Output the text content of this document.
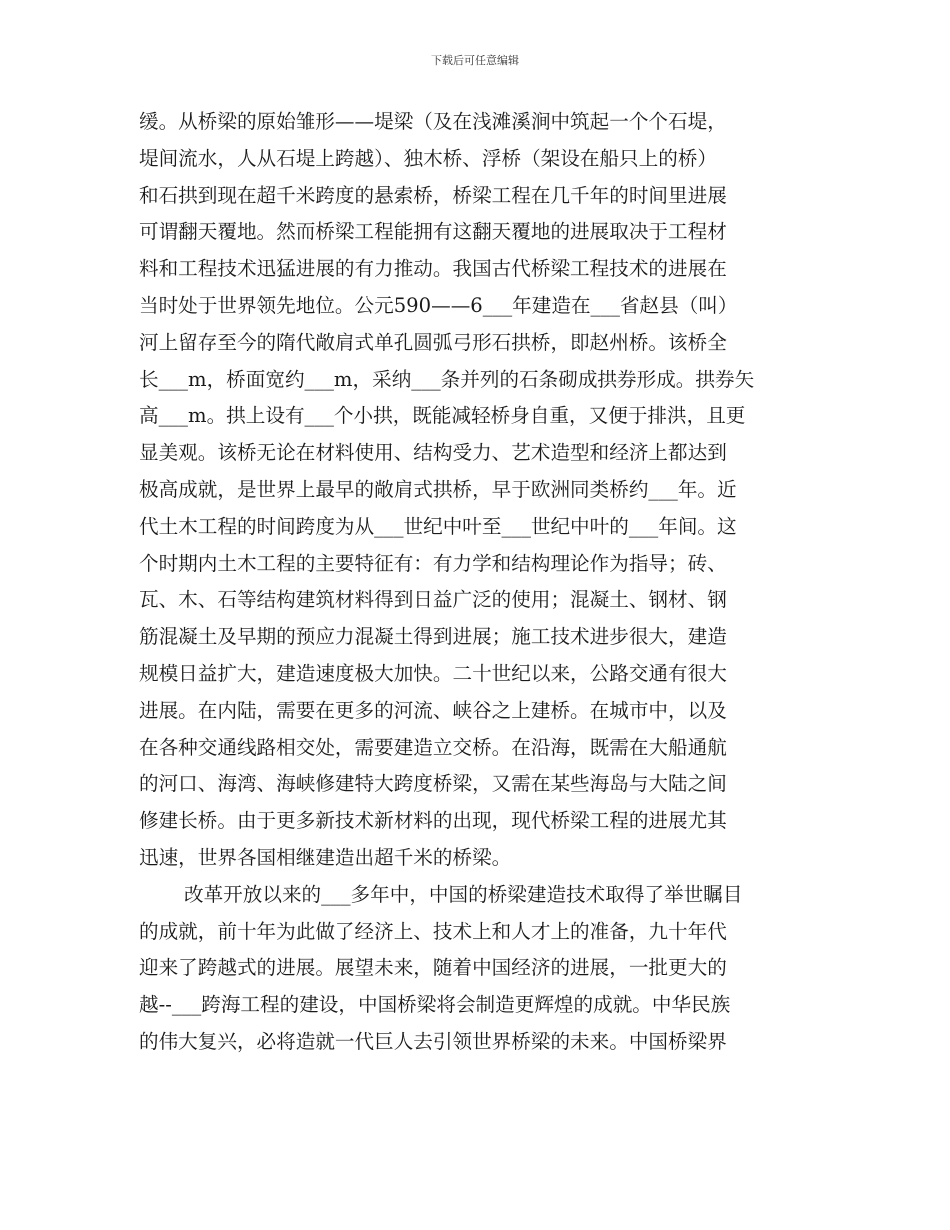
下载后可任意编辑
缓。从桥梁的原始雏形——堤梁（及在浅滩溪涧中筑起一个个石堤，
堤间流水，人从石堤上跨越）、独木桥、浮桥（架设在船只上的桥）
和石拱到现在超千米跨度的悬索桥，桥梁工程在几千年的时间里进展
可谓翻天覆地。然而桥梁工程能拥有这翻天覆地的进展取决于工程材
料和工程技术迅猛进展的有力推动。我国古代桥梁工程技术的进展在
当时处于世界领先地位。公元590——6___年建造在___省赵县（叫）
河上留存至今的隋代敞肩式单孔圆弧弓形石拱桥，即赵州桥。该桥全
长___m，桥面宽约___m，采纳___条并列的石条砌成拱券形成。拱券矢
高___m。拱上设有___个小拱，既能减轻桥身自重，又便于排洪，且更
显美观。该桥无论在材料使用、结构受力、艺术造型和经济上都达到
极高成就，是世界上最早的敞肩式拱桥，早于欧洲同类桥约___年。近
代土木工程的时间跨度为从___世纪中叶至___世纪中叶的___年间。这
个时期内土木工程的主要特征有：有力学和结构理论作为指导；砖、
瓦、木、石等结构建筑材料得到日益广泛的使用；混凝土、钢材、钢
筋混凝土及早期的预应力混凝土得到进展；施工技术进步很大，建造
规模日益扩大，建造速度极大加快。二十世纪以来，公路交通有很大
进展。在内陆，需要在更多的河流、峡谷之上建桥。在城市中，以及
在各种交通线路相交处，需要建造立交桥。在沿海，既需在大船通航
的河口、海湾、海峡修建特大跨度桥梁，又需在某些海岛与大陆之间
修建长桥。由于更多新技术新材料的出现，现代桥梁工程的进展尤其
迅速，世界各国相继建造出超千米的桥梁。
改革开放以来的___多年中，中国的桥梁建造技术取得了举世瞩目
的成就，前十年为此做了经济上、技术上和人才上的准备，九十年代
迎来了跨越式的进展。展望未来，随着中国经济的进展，一批更大的
越--___跨海工程的建设，中国桥梁将会制造更辉煌的成就。中华民族
的伟大复兴，必将造就一代巨人去引领世界桥梁的未来。中国桥梁界
